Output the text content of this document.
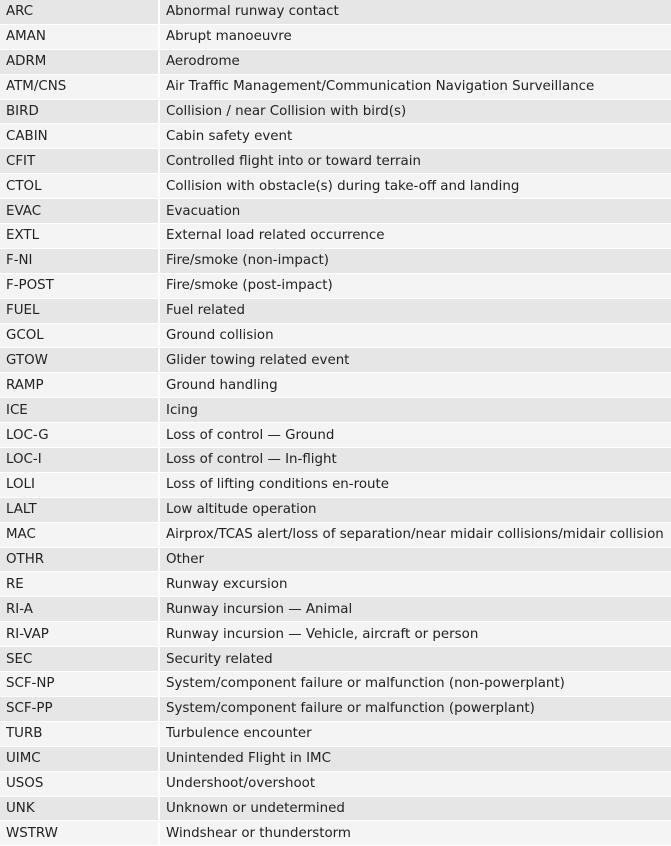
ARC	Abnormal runway contact
AMAN	Abrupt manoeuvre
ADRM	Aerodrome
ATM/CNS	Air Traffic Management/Communication Navigation Surveillance
BIRD	Collision / near Collision with bird(s)
CABIN	Cabin safety event
CFIT	Controlled flight into or toward terrain
CTOL	Collision with obstacle(s) during take-off and landing
EVAC	Evacuation
EXTL	External load related occurrence
F-NI	Fire/smoke (non-impact)
F-POST	Fire/smoke (post-impact)
FUEL	Fuel related
GCOL	Ground collision
GTOW	Glider towing related event
RAMP	Ground handling
ICE	Icing
LOC-G	Loss of control — Ground
LOC-I	Loss of control — In-flight
LOLI	Loss of lifting conditions en-route
LALT	Low altitude operation
MAC	Airprox/TCAS alert/loss of separation/near midair collisions/midair collision
OTHR	Other
RE	Runway excursion
RI-A	Runway incursion — Animal
RI-VAP	Runway incursion — Vehicle, aircraft or person
SEC	Security related
SCF-NP	System/component failure or malfunction (non-powerplant)
SCF-PP	System/component failure or malfunction (powerplant)
TURB	Turbulence encounter
UIMC	Unintended Flight in IMC
USOS	Undershoot/overshoot
UNK	Unknown or undetermined
WSTRW	Windshear or thunderstorm
